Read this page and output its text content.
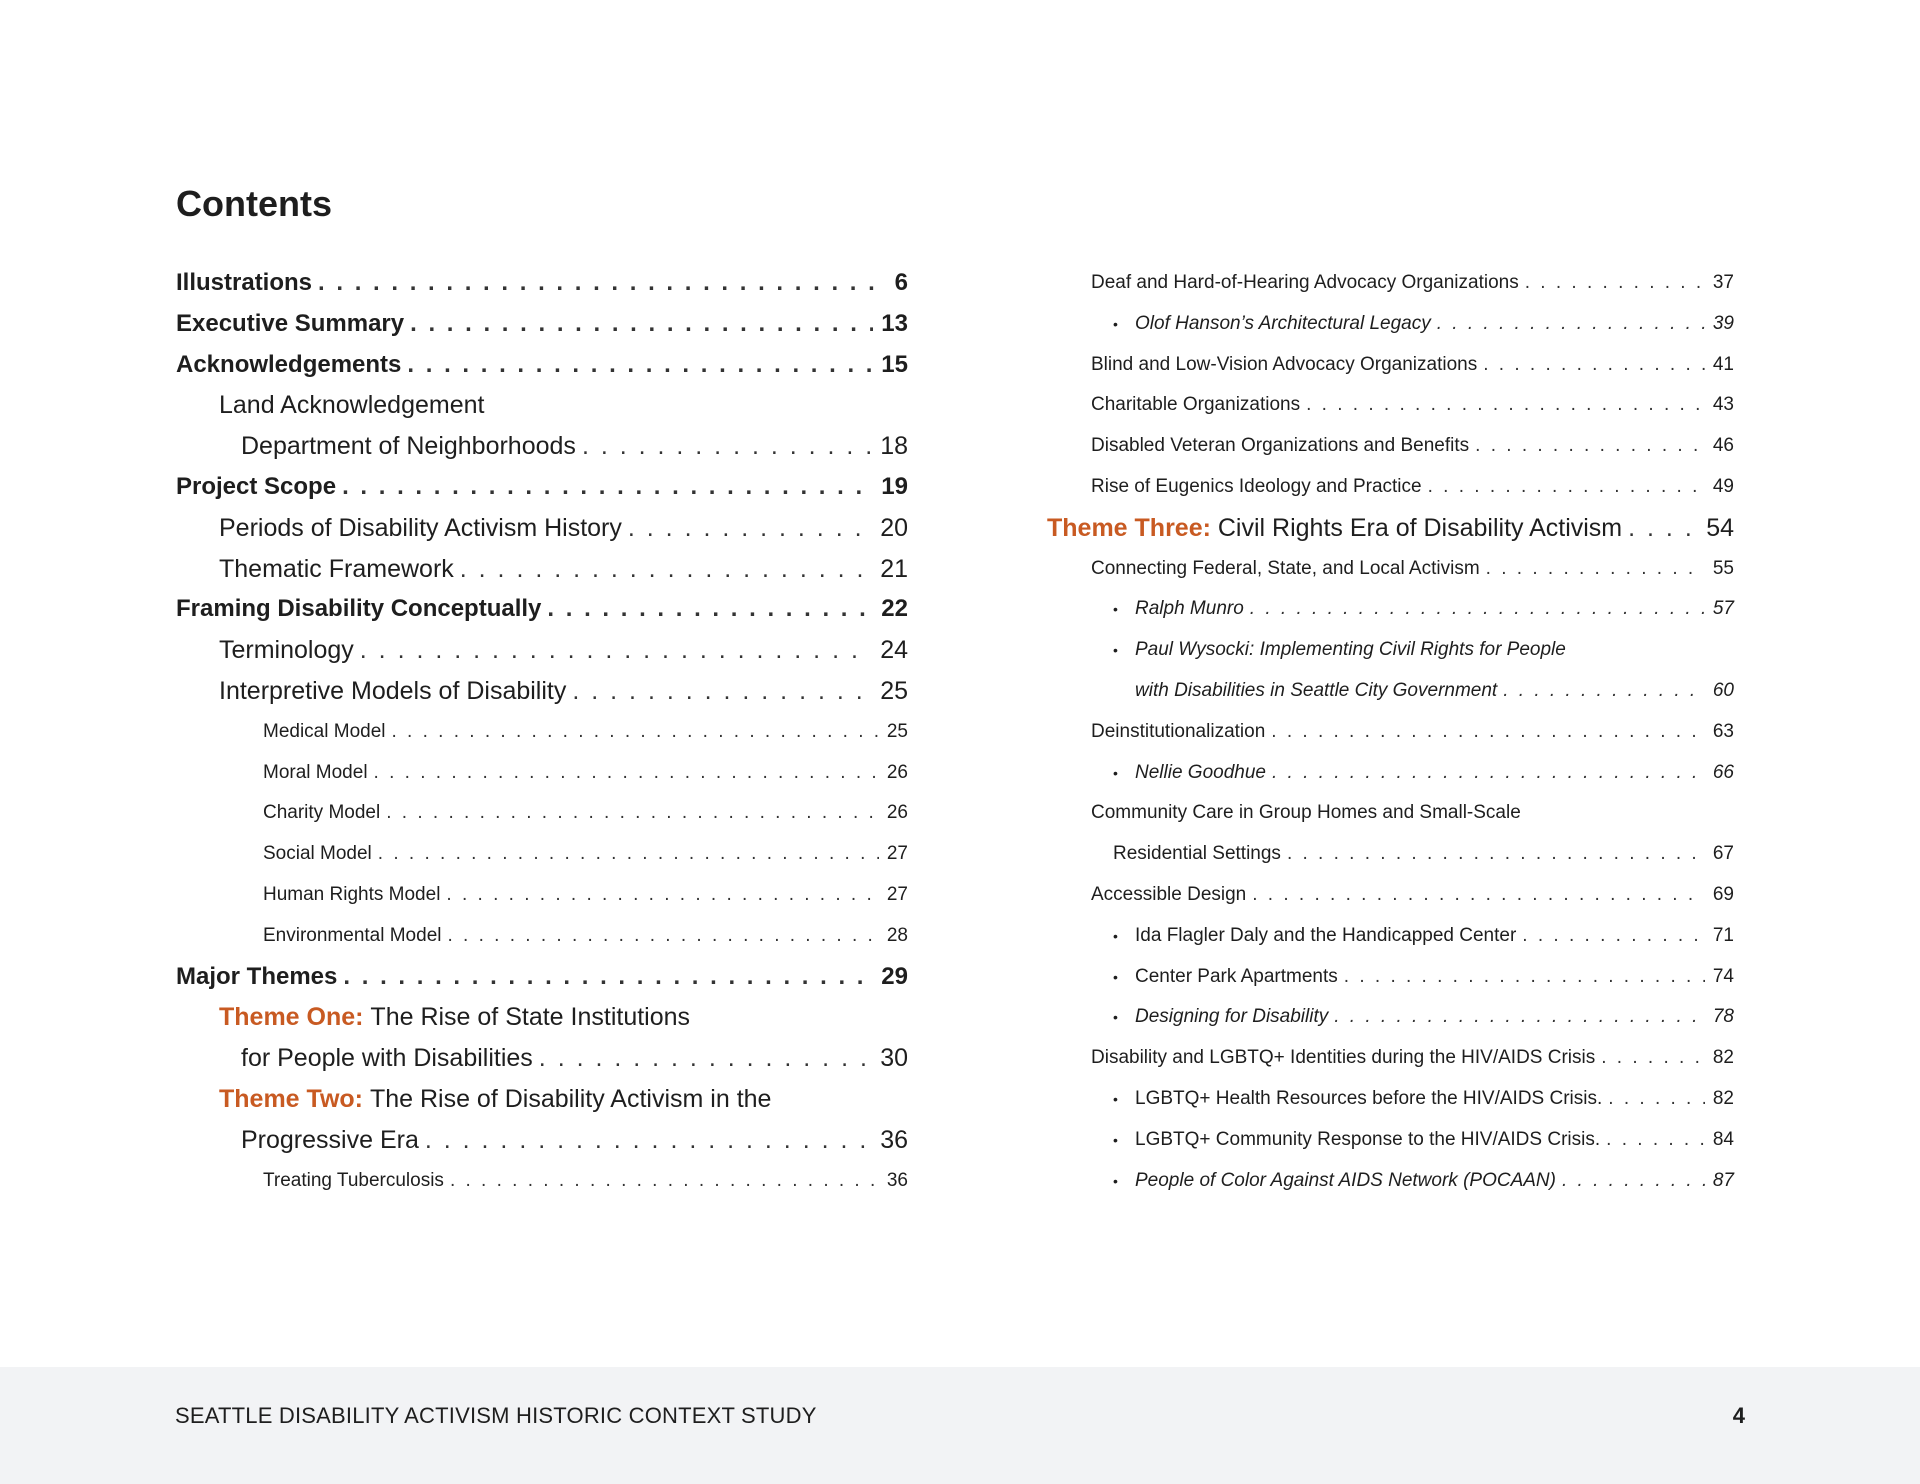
Contents
Illustrations . . .	6
Executive Summary . . .	13
Acknowledgements . . .	15
Land Acknowledgement
Department of Neighborhoods . . .	18
Project Scope . . .	19
Periods of Disability Activism History . . .	20
Thematic Framework . . .	21
Framing Disability Conceptually . . .	22
Terminology . . .	24
Interpretive Models of Disability . . .	25
Medical Model . . .	25
Moral Model . . .	26
Charity Model . . .	26
Social Model . . .	27
Human Rights Model . . .	27
Environmental Model . . .	28
Major Themes . . .	29
Theme One: The Rise of State Institutions
for People with Disabilities . . .	30
Theme Two: The Rise of Disability Activism in the
Progressive Era . . .	36
Treating Tuberculosis . . .	36
Deaf and Hard-of-Hearing Advocacy Organizations . . .	37
• Olof Hanson’s Architectural Legacy . . .	39
Blind and Low-Vision Advocacy Organizations . . .	41
Charitable Organizations . . .	43
Disabled Veteran Organizations and Benefits . . .	46
Rise of Eugenics Ideology and Practice . . .	49
Theme Three: Civil Rights Era of Disability Activism . . .	54
Connecting Federal, State, and Local Activism . . .	55
• Ralph Munro . . .	57
• Paul Wysocki: Implementing Civil Rights for People
with Disabilities in Seattle City Government . . .	60
Deinstitutionalization . . .	63
• Nellie Goodhue . . .	66
Community Care in Group Homes and Small-Scale
Residential Settings . . .	67
Accessible Design . . .	69
• Ida Flagler Daly and the Handicapped Center . . .	71
• Center Park Apartments . . .	74
• Designing for Disability . . .	78
Disability and LGBTQ+ Identities during the HIV/AIDS Crisis . . .	82
• LGBTQ+ Health Resources before the HIV/AIDS Crisis. . . .	82
• LGBTQ+ Community Response to the HIV/AIDS Crisis. . . .	84
• People of Color Against AIDS Network (POCAAN) . . .	87
SEATTLE DISABILITY ACTIVISM HISTORIC CONTEXT STUDY	4
